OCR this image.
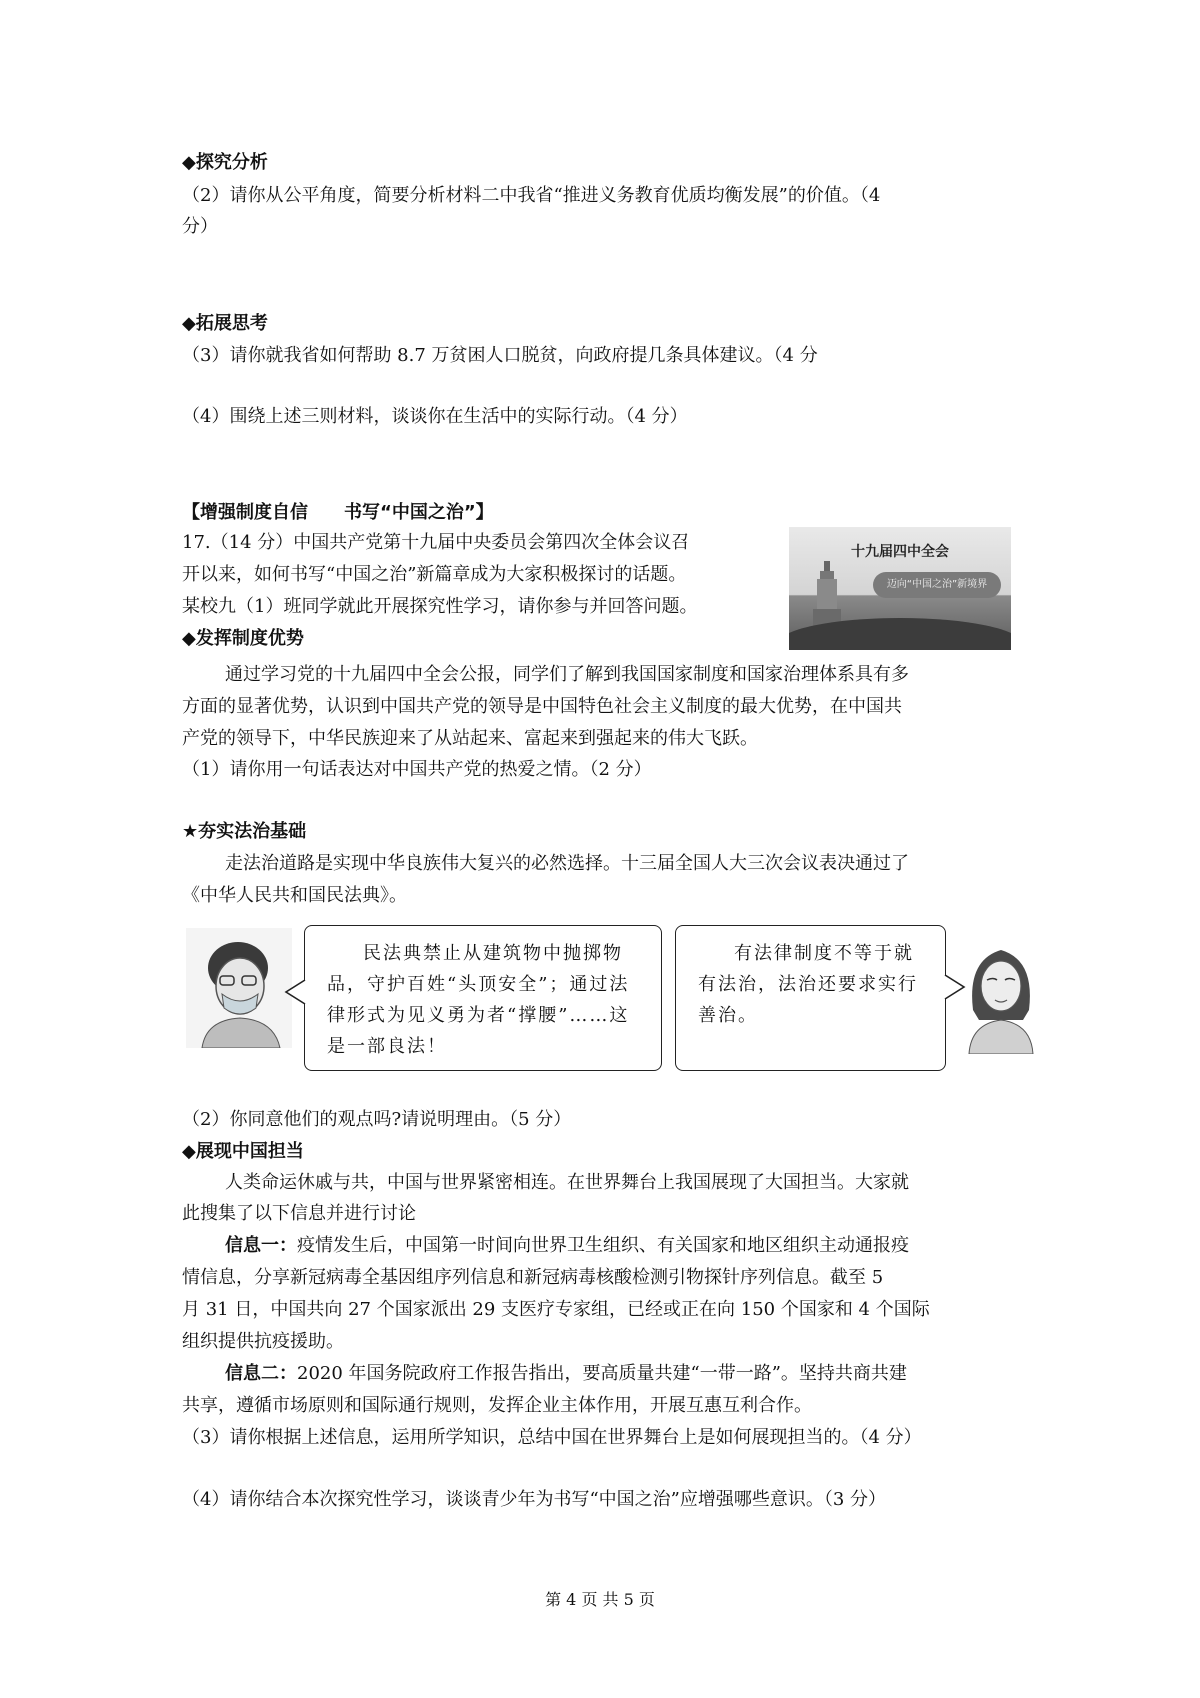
◆探究分析
（2）请你从公平角度，简要分析材料二中我省“推进义务教育优质均衡发展”的价值。（4
分）
◆拓展思考
（3）请你就我省如何帮助 8.7 万贫困人口脱贫，向政府提几条具体建议。（4 分
（4）围绕上述三则材料，谈谈你在生活中的实际行动。（4 分）
【增强制度自信　　书写“中国之治”】
17.（14 分）中国共产党第十九届中央委员会第四次全体会议召
开以来，如何书写“中国之治”新篇章成为大家积极探讨的话题。
某校九（1）班同学就此开展探究性学习，请你参与并回答问题。
十九届四中全会
迈向“中国之治”新境界
◆发挥制度优势
通过学习党的十九届四中全会公报，同学们了解到我国国家制度和国家治理体系具有多
方面的显著优势，认识到中国共产党的领导是中国特色社会主义制度的最大优势，在中国共
产党的领导下，中华民族迎来了从站起来、富起来到强起来的伟大飞跃。
（1）请你用一句话表达对中国共产党的热爱之情。（2 分）
★夯实法治基础
走法治道路是实现中华良族伟大复兴的必然选择。十三届全国人大三次会议表决通过了
《中华人民共和国民法典》。
民法典禁止从建筑物中抛掷物品，守护百姓“头顶安全”；通过法律形式为见义勇为者“撑腰”……这是一部良法！
有法律制度不等于就有法治，法治还要求实行善治。
（2）你同意他们的观点吗?请说明理由。（5 分）
◆展现中国担当
人类命运休戚与共，中国与世界紧密相连。在世界舞台上我国展现了大国担当。大家就
此搜集了以下信息并进行讨论
信息一：疫情发生后，中国第一时间向世界卫生组织、有关国家和地区组织主动通报疫
情信息，分享新冠病毒全基因组序列信息和新冠病毒核酸检测引物探针序列信息。截至 5
月 31 日，中国共向 27 个国家派出 29 支医疗专家组，已经或正在向 150 个国家和 4 个国际
组织提供抗疫援助。
信息二：2020 年国务院政府工作报告指出，要高质量共建“一带一路”。坚持共商共建
共享，遵循市场原则和国际通行规则，发挥企业主体作用，开展互惠互利合作。
（3）请你根据上述信息，运用所学知识，总结中国在世界舞台上是如何展现担当的。（4 分）
（4）请你结合本次探究性学习，谈谈青少年为书写“中国之治”应增强哪些意识。（3 分）
第 4 页 共 5 页
